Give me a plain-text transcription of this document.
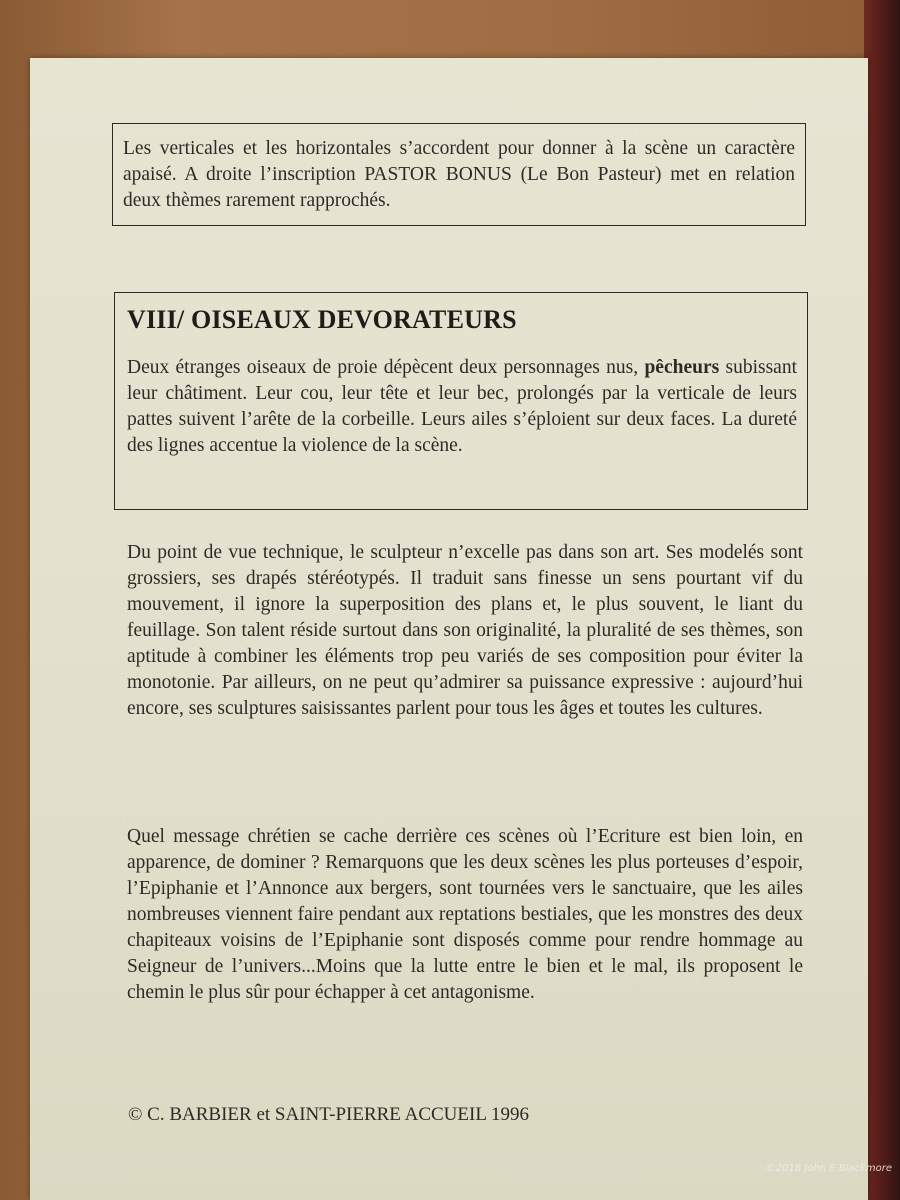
Les verticales et les horizontales s’accordent pour donner à la scène un caractère apaisé. A droite l’inscription PASTOR BONUS (Le Bon Pasteur) met en relation deux thèmes rarement rapprochés.
VIII/ OISEAUX DEVORATEURS
Deux étranges oiseaux de proie dépècent deux personnages nus, pêcheurs subissant leur châtiment. Leur cou, leur tête et leur bec, prolongés par la verticale de leurs pattes suivent l’arête de la corbeille. Leurs ailes s’éploient sur deux faces. La dureté des lignes accentue la violence de la scène.
Du point de vue technique, le sculpteur n’excelle pas dans son art. Ses modelés sont grossiers, ses drapés stéréotypés. Il traduit sans finesse un sens pourtant vif du mouvement, il ignore la superposition des plans et, le plus souvent, le liant du feuillage. Son talent réside surtout dans son originalité, la pluralité de ses thèmes, son aptitude à combiner les éléments trop peu variés de ses composition pour éviter la monotonie. Par ailleurs, on ne peut qu’admirer sa puissance expressive : aujourd’hui encore, ses sculptures saisissantes parlent pour tous les âges et toutes les cultures.
Quel message chrétien se cache derrière ces scènes où l’Ecriture est bien loin, en apparence, de dominer ? Remarquons que les deux scènes les plus porteuses d’espoir, l’Epiphanie et l’Annonce aux bergers, sont tournées vers le sanctuaire, que les ailes nombreuses viennent faire pendant aux reptations bestiales, que les monstres des deux chapiteaux voisins de l’Epiphanie sont disposés comme pour rendre hommage au Seigneur de l’univers...Moins que la lutte entre le bien et le mal, ils proposent le chemin le plus sûr pour échapper à cet antagonisme.
© C. BARBIER et SAINT-PIERRE ACCUEIL 1996
©2018 John E Blackmore
